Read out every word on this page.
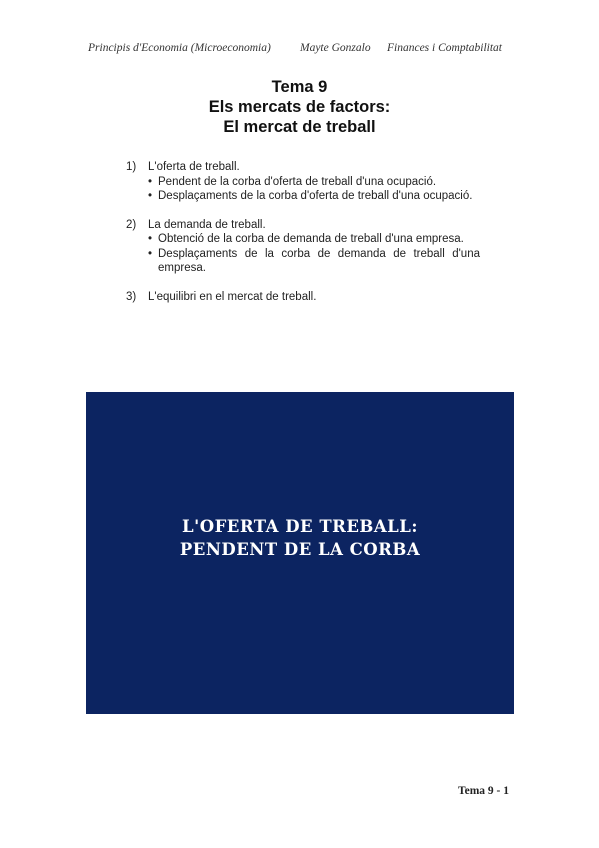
Principis d'Economia (Microeconomia)	Mayte Gonzalo Finances i Comptabilitat
Tema 9
Els mercats de factors:
El mercat de treball
1)	L'oferta de treball.
• Pendent de la corba d'oferta de treball d'una ocupació.
• Desplaçaments de la corba d'oferta de treball d'una ocupació.
2)	La demanda de treball.
• Obtenció de la corba de demanda de treball d'una empresa.
• Desplaçaments de la corba de demanda de treball d'una empresa.
3)	L'equilibri en el mercat de treball.
L'OFERTA DE TREBALL:
PENDENT DE LA CORBA
Tema 9 - 1
